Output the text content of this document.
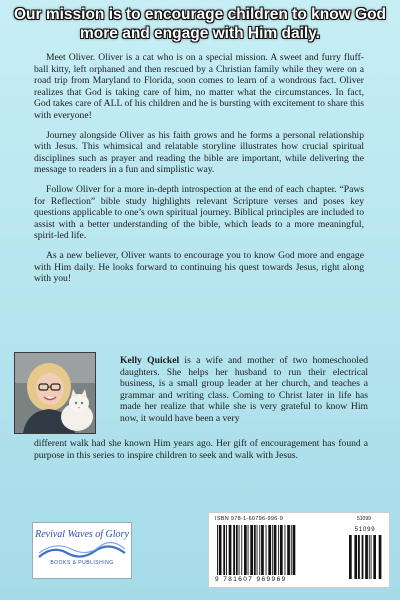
Our mission is to encourage children to know God more and engage with Him daily.

Meet Oliver. Oliver is a cat who is on a special mission. A sweet and furry fluff-ball kitty, left orphaned and then rescued by a Christian family while they were on a road trip from Maryland to Florida, soon comes to learn of a wondrous fact. Oliver realizes that God is taking care of him, no matter what the circumstances. In fact, God takes care of ALL of his children and he is bursting with excitement to share this with everyone!

Journey alongside Oliver as his faith grows and he forms a personal relationship with Jesus. This whimsical and relatable storyline illustrates how crucial spiritual disciplines such as prayer and reading the bible are important, while delivering the message to readers in a fun and simplistic way.

Follow Oliver for a more in-depth introspection at the end of each chapter. “Paws for Reflection” bible study highlights relevant Scripture verses and poses key questions applicable to one’s own spiritual journey. Biblical principles are included to assist with a better understanding of the bible, which leads to a more meaningful, spirit-led life.

As a new believer, Oliver wants to encourage you to know God more and engage with Him daily. He looks forward to continuing his quest towards Jesus, right along with you!

Kelly Quickel is a wife and mother of two homeschooled daughters. She helps her husband to run their electrical business, is a small group leader at her church, and teaches a grammar and writing class. Coming to Christ later in life has made her realize that while she is very grateful to know Him now, it would have been a very

different walk had she known Him years ago. Her gift of encouragement has found a purpose in this series to inspire children to seek and walk with Jesus.
Revival Waves of Glory
BOOKS & PUBLISHING
ISBN 978-1-60796-996-9	51099
9 781607 969969
51099
